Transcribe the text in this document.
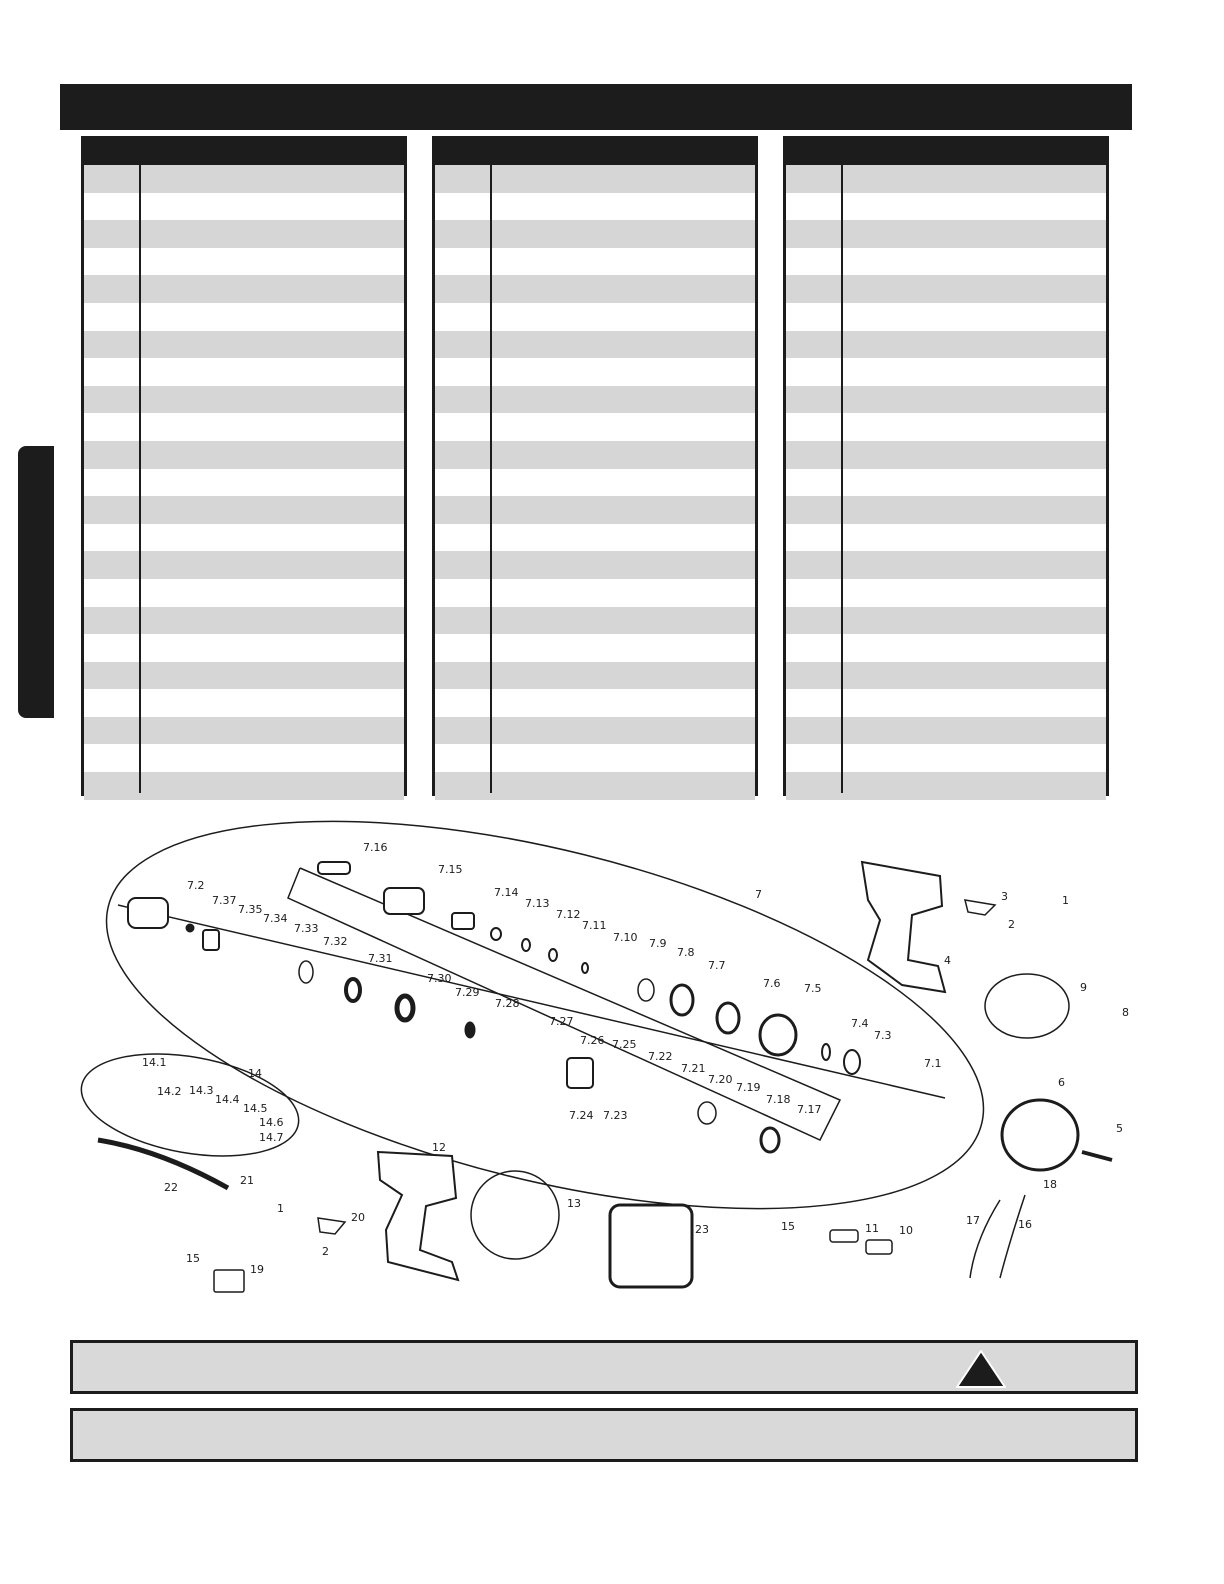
7.16
7.15
7.14
7.13
7.12
7.11
7.10 7.9
7.8
7.7
7.6 7.5
7.4
7.3
7.1
7.2
7.37
7.35
7.34
7.33
7.32
7.31
7.30
7.29
7.28
7.27
7.26 7.25
7.22
7.21
7.20
7.19
7.18
7.17
7.24 7.23
7	3	1
2
4
9
8
6
5
14.1
14
14.2 14.3
14.4
14.5
14.6
14.7
21
22
15
1
20
2
19
12
13
23	15	11 10
18
17	16
